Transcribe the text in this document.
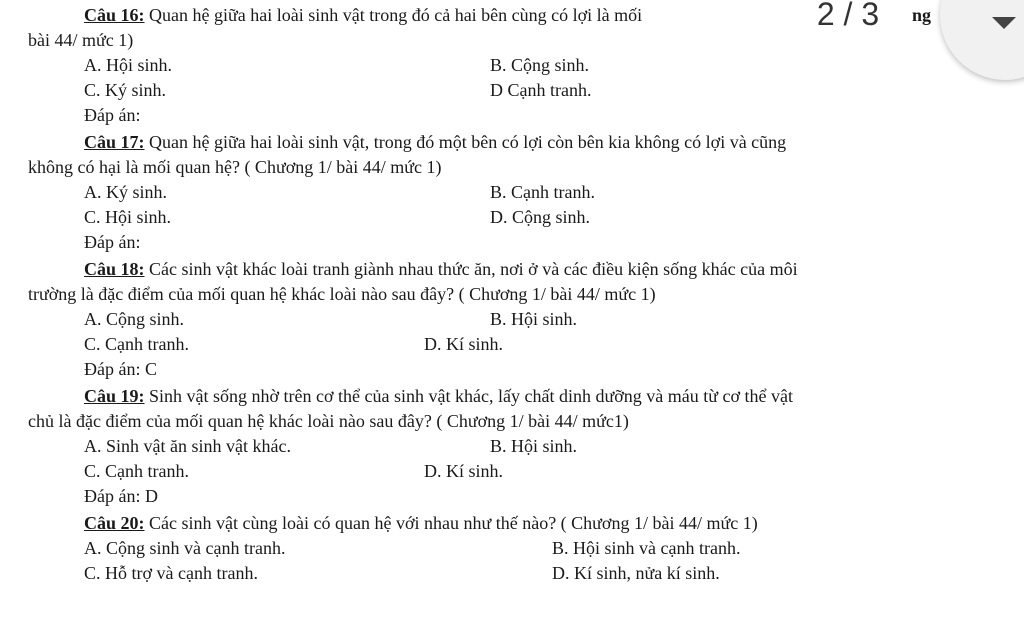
Câu 16: Quan hệ giữa hai loài sinh vật trong đó cả hai bên cùng có lợi là mối
bài 44/ mức 1)
A. Hội sinh.	B. Cộng sinh.
C. Ký sinh.	D Cạnh tranh.
Đáp án:
Câu 17: Quan hệ giữa hai loài sinh vật, trong đó một bên có lợi còn bên kia không có lợi và cũng
không có hại là mối quan hệ? ( Chương 1/ bài 44/ mức 1)
A. Ký sinh.	B. Cạnh tranh.
C. Hội sinh.	D. Cộng sinh.
Đáp án:
Câu 18: Các sinh vật khác loài tranh giành nhau thức ăn, nơi ở và các điều kiện sống khác của môi
trường là đặc điểm của mối quan hệ khác loài nào sau đây? ( Chương 1/ bài 44/ mức 1)
A. Cộng sinh.	B. Hội sinh.
C. Cạnh tranh.	D. Kí sinh.
Đáp án: C
Câu 19: Sinh vật sống nhờ trên cơ thể của sinh vật khác, lấy chất dinh dưỡng và máu từ cơ thể vật
chủ là đặc điểm của mối quan hệ khác loài nào sau đây? ( Chương 1/ bài 44/ mức1)
A. Sinh vật ăn sinh vật khác.	B. Hội sinh.
C. Cạnh tranh.	D. Kí sinh.
Đáp án: D
Câu 20: Các sinh vật cùng loài có quan hệ với nhau như thế nào? ( Chương 1/ bài 44/ mức 1)
A. Cộng sinh và cạnh tranh.	B. Hội sinh và cạnh tranh.
C. Hỗ trợ và cạnh tranh.	D. Kí sinh, nửa kí sinh.
2 / 3	ng
